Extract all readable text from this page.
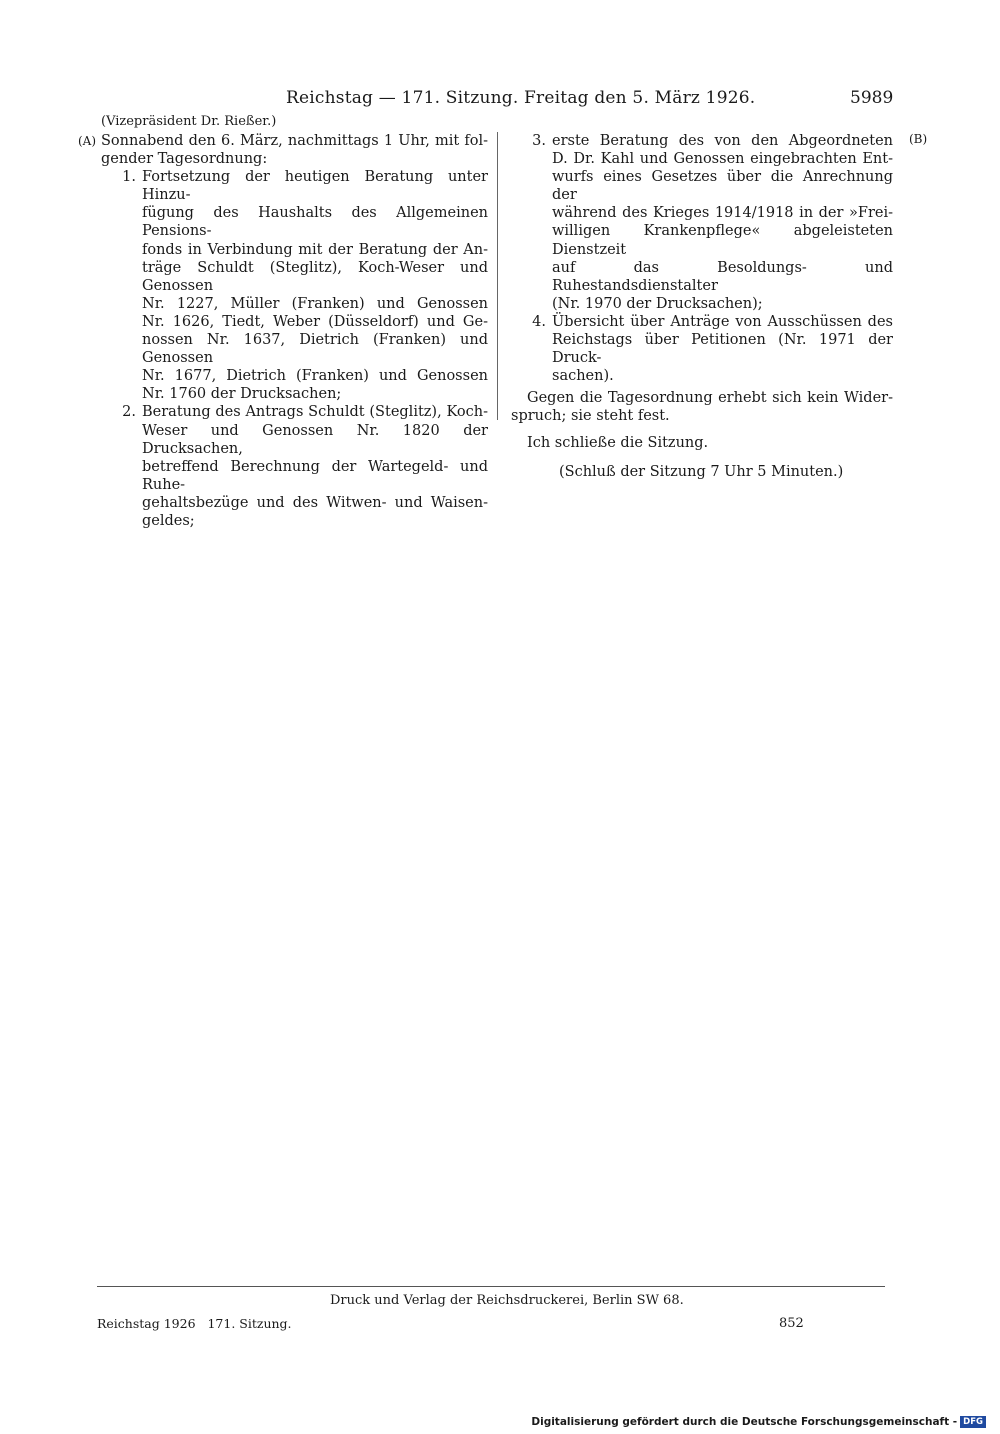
Reichstag — 171. Sitzung. Freitag den 5. März 1926.	5989
(Vizepräsident Dr. Rießer.)
(A)	(B)

Sonnabend den 6. März, nachmittags 1 Uhr, mit fol-

gender Tagesordnung:

1. Fortsetzung der heutigen Beratung unter Hinzu-

fügung des Haushalts des Allgemeinen Pensions-

fonds in Verbindung mit der Beratung der An-

träge Schuldt (Steglitz), Koch-Weser und Genossen

Nr. 1227, Müller (Franken) und Genossen

Nr. 1626, Tiedt, Weber (Düsseldorf) und Ge-

nossen Nr. 1637, Dietrich (Franken) und Genossen

Nr. 1677, Dietrich (Franken) und Genossen

Nr. 1760 der Drucksachen;

2. Beratung des Antrags Schuldt (Steglitz), Koch-

Weser und Genossen Nr. 1820 der Drucksachen,

betreffend Berechnung der Wartegeld- und Ruhe-

gehaltsbezüge und des Witwen- und Waisen-

geldes;

3. erste Beratung des von den Abgeordneten

D. Dr. Kahl und Genossen eingebrachten Ent-

wurfs eines Gesetzes über die Anrechnung der

während des Krieges 1914/1918 in der »Frei-

willigen Krankenpflege« abgeleisteten Dienstzeit

auf das Besoldungs- und Ruhestandsdienstalter

(Nr. 1970 der Drucksachen);

4. Übersicht über Anträge von Ausschüssen des

Reichstags über Petitionen (Nr. 1971 der Druck-

sachen).

Gegen die Tagesordnung erhebt sich kein Wider-

spruch; sie steht fest.

Ich schließe die Sitzung.

(Schluß der Sitzung 7 Uhr 5 Minuten.)

Druck und Verlag der Reichsdruckerei, Berlin SW 68.
Reichstag 1926 171. Sitzung.	852
Digitalisierung gefördert durch die Deutsche Forschungsgemeinschaft - DFG
